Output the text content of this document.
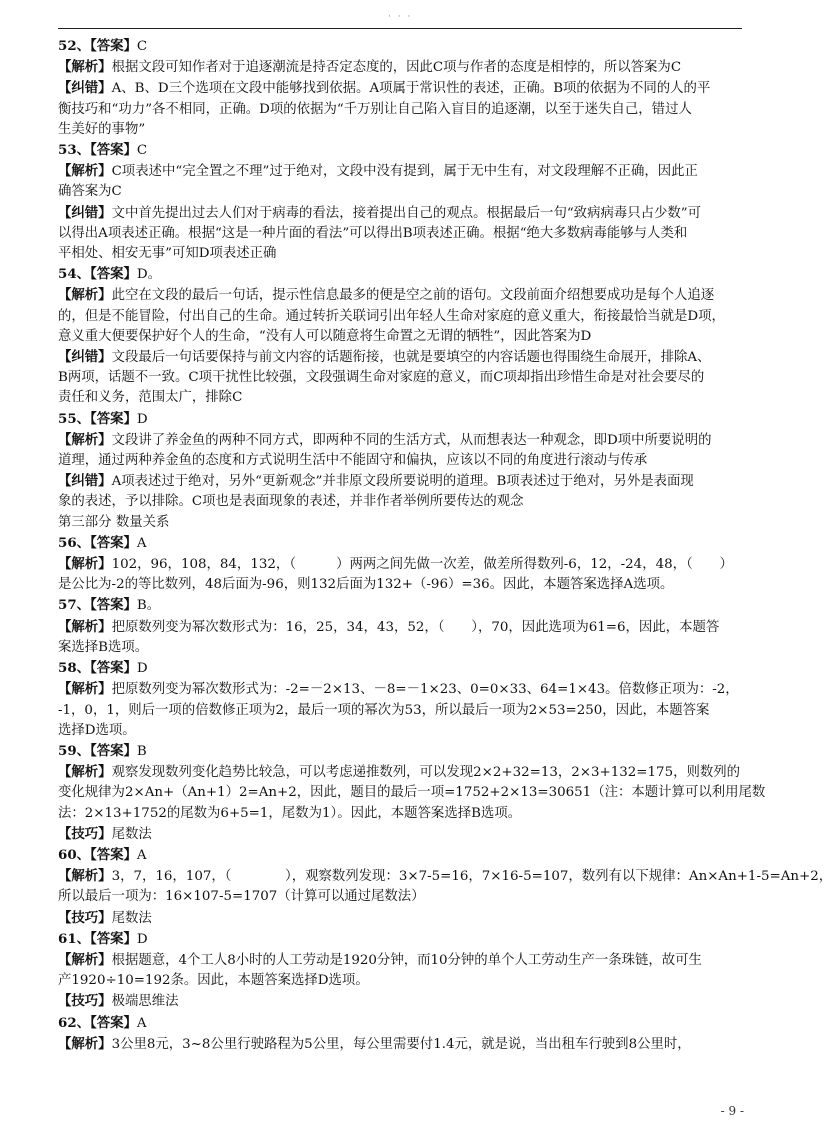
· · ·
52、【答案】C
【解析】根据文段可知作者对于追逐潮流是持否定态度的，因此C项与作者的态度是相悖的，所以答案为C
【纠错】A、B、D三个选项在文段中能够找到依据。A项属于常识性的表述，正确。B项的依据为不同的人的平
衡技巧和“功力”各不相同，正确。D项的依据为“千万别让自己陷入盲目的追逐潮，以至于迷失自己，错过人
生美好的事物”
53、【答案】C
【解析】C项表述中“完全置之不理”过于绝对，文段中没有提到，属于无中生有，对文段理解不正确，因此正
确答案为C
【纠错】文中首先提出过去人们对于病毒的看法，接着提出自己的观点。根据最后一句“致病病毒只占少数”可
以得出A项表述正确。根据“这是一种片面的看法”可以得出B项表述正确。根据“绝大多数病毒能够与人类和
平相处、相安无事”可知D项表述正确
54、【答案】D。
【解析】此空在文段的最后一句话，提示性信息最多的便是空之前的语句。文段前面介绍想要成功是每个人追逐
的，但是不能冒险，付出自己的生命。通过转折关联词引出年轻人生命对家庭的意义重大，衔接最恰当就是D项，
意义重大便要保护好个人的生命，“没有人可以随意将生命置之无谓的牺牲”，因此答案为D
【纠错】文段最后一句话要保持与前文内容的话题衔接，也就是要填空的内容话题也得围绕生命展开，排除A、
B两项，话题不一致。C项干扰性比较强，文段强调生命对家庭的意义，而C项却指出珍惜生命是对社会要尽的
责任和义务，范围太广，排除C
55、【答案】D
【解析】文段讲了养金鱼的两种不同方式，即两种不同的生活方式，从而想表达一种观念，即D项中所要说明的
道理，通过两种养金鱼的态度和方式说明生活中不能固守和偏执，应该以不同的角度进行滚动与传承
【纠错】A项表述过于绝对，另外“更新观念”并非原文段所要说明的道理。B项表述过于绝对，另外是表面现
象的表述，予以排除。C项也是表面现象的表述，并非作者举例所要传达的观念
第三部分 数量关系
56、【答案】A
【解析】102，96，108，84，132，（　　　）两两之间先做一次差，做差所得数列-6，12，-24，48，（　　）
是公比为-2的等比数列，48后面为-96，则132后面为132+（-96）=36。因此，本题答案选择A选项。
57、【答案】B。
【解析】把原数列变为幂次数形式为：16，25，34，43，52，（　　），70，因此选项为61=6，因此，本题答
案选择B选项。
58、【答案】D
【解析】把原数列变为幂次数形式为：-2=－2×13、－8=－1×23、0=0×33、64=1×43。倍数修正项为：-2，
-1，0，1，则后一项的倍数修正项为2，最后一项的幂次为53，所以最后一项为2×53=250，因此，本题答案
选择D选项。
59、【答案】B
【解析】观察发现数列变化趋势比较急，可以考虑递推数列，可以发现2×2+32=13，2×3+132=175，则数列的
变化规律为2×An+（An+1）2=An+2，因此，题目的最后一项=1752+2×13=30651（注：本题计算可以利用尾数
法：2×13+1752的尾数为6+5=1，尾数为1）。因此，本题答案选择B选项。
【技巧】尾数法
60、【答案】A
【解析】3，7，16，107，（　　　　），观察数列发现：3×7-5=16，7×16-5=107，数列有以下规律：An×An+1-5=An+2，
所以最后一项为：16×107-5=1707（计算可以通过尾数法）
【技巧】尾数法
61、【答案】D
【解析】根据题意，4个工人8小时的人工劳动是1920分钟，而10分钟的单个人工劳动生产一条珠链，故可生
产1920÷10=192条。因此，本题答案选择D选项。
【技巧】极端思维法
62、【答案】A
【解析】3公里8元，3~8公里行驶路程为5公里，每公里需要付1.4元，就是说，当出租车行驶到8公里时，
- 9 -
